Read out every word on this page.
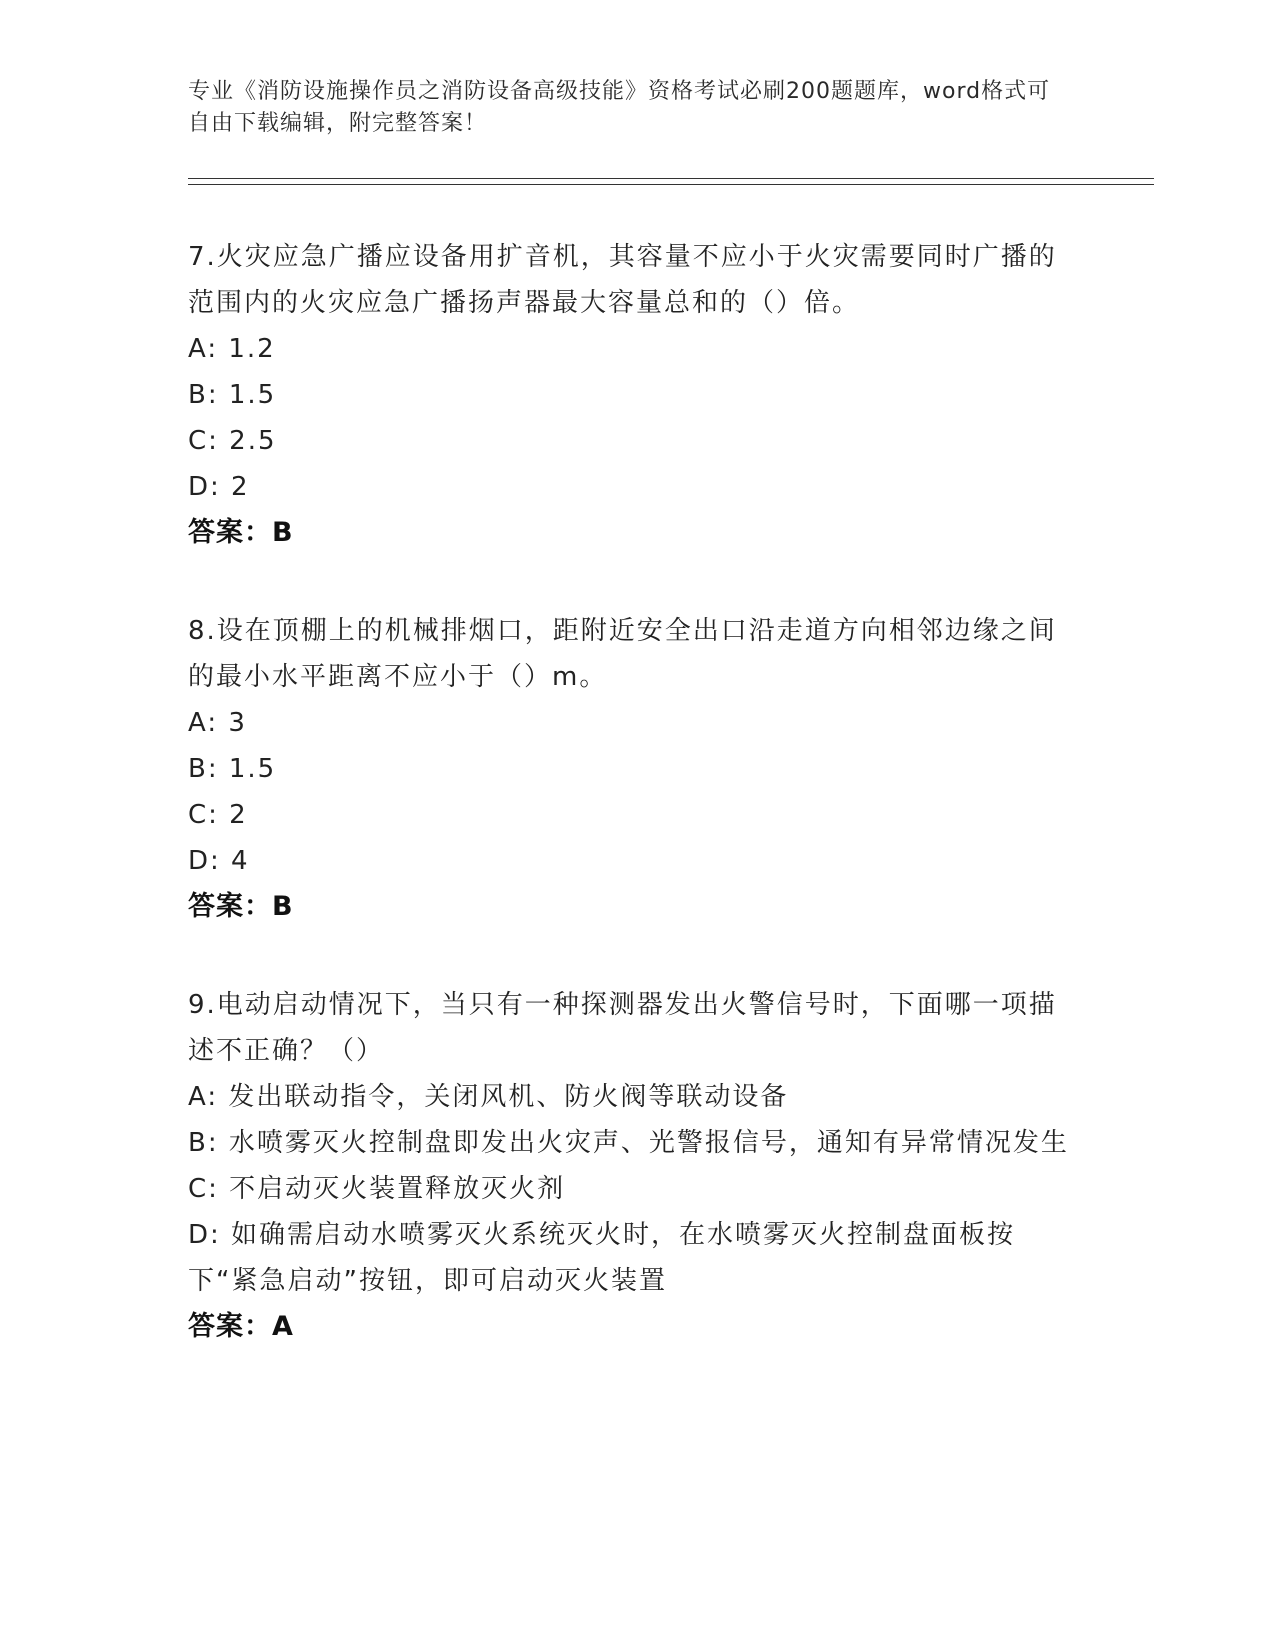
专业《消防设施操作员之消防设备高级技能》资格考试必刷200题题库，word格式可自由下载编辑，附完整答案！
7.火灾应急广播应设备用扩音机，其容量不应小于火灾需要同时广播的范围内的火灾应急广播扬声器最大容量总和的（）倍。
A: 1.2
B: 1.5
C: 2.5
D: 2
答案：B
8.设在顶棚上的机械排烟口，距附近安全出口沿走道方向相邻边缘之间的最小水平距离不应小于（）m。
A: 3
B: 1.5
C: 2
D: 4
答案：B
9.电动启动情况下，当只有一种探测器发出火警信号时，下面哪一项描述不正确？（）
A: 发出联动指令，关闭风机、防火阀等联动设备
B: 水喷雾灭火控制盘即发出火灾声、光警报信号，通知有异常情况发生
C: 不启动灭火装置释放灭火剂
D: 如确需启动水喷雾灭火系统灭火时，在水喷雾灭火控制盘面板按下“紧急启动”按钮，即可启动灭火装置
答案：A
